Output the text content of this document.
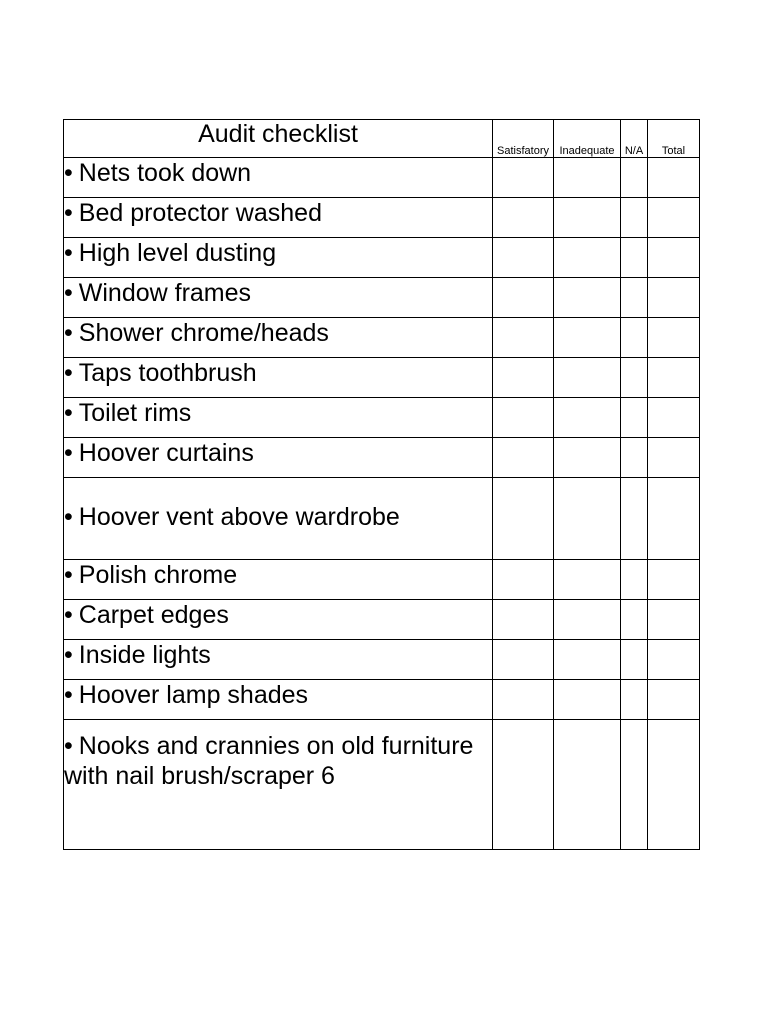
Audit checklist	Satisfatory	Inadequate	N/A	Total
• Nets took down				
• Bed protector washed				
• High level dusting				
• Window frames				
• Shower chrome/heads				
• Taps toothbrush				
• Toilet rims				
• Hoover curtains				
• Hoover vent above wardrobe				
• Polish chrome				
• Carpet edges				
• Inside lights				
• Hoover lamp shades				
• Nooks and crannies on old furniture with nail brush/scraper 6				
